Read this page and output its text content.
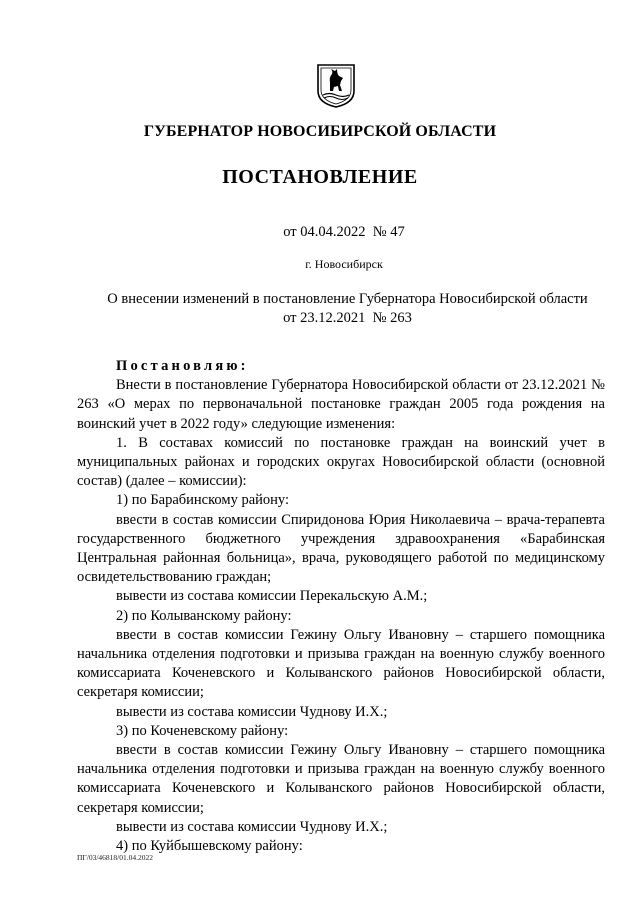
ГУБЕРНАТОР НОВОСИБИРСКОЙ ОБЛАСТИ
ПОСТАНОВЛЕНИЕ
от 04.04.2022  № 47
г. Новосибирск
О внесении изменений в постановление Губернатора Новосибирской области
от 23.12.2021  № 263

Постановляю:

Внести в постановление Губернатора Новосибирской области от 23.12.2021 № 263 «О мерах по первоначальной постановке граждан 2005 года рождения на воинский учет в 2022 году» следующие изменения:

1. В составах комиссий по постановке граждан на воинский учет в муниципальных районах и городских округах Новосибирской области (основной состав) (далее – комиссии):

1) по Барабинскому району:

ввести в состав комиссии Спиридонова Юрия Николаевича – врача-терапевта государственного бюджетного учреждения здравоохранения «Барабинская Центральная районная больница», врача, руководящего работой по медицинскому освидетельствованию граждан;

вывести из состава комиссии Перекальскую А.М.;

2) по Колыванскому району:

ввести в состав комиссии Гежину Ольгу Ивановну – старшего помощника начальника отделения подготовки и призыва граждан на военную службу военного комиссариата Коченевского и Колыванского районов Новосибирской области, секретаря комиссии;

вывести из состава комиссии Чуднову И.Х.;

3) по Коченевскому району:

ввести в состав комиссии Гежину Ольгу Ивановну – старшего помощника начальника отделения подготовки и призыва граждан на военную службу военного комиссариата Коченевского и Колыванского районов Новосибирской области, секретаря комиссии;

вывести из состава комиссии Чуднову И.Х.;

4) по Куйбышевскому району:

ПГ/03/46818/01.04.2022
